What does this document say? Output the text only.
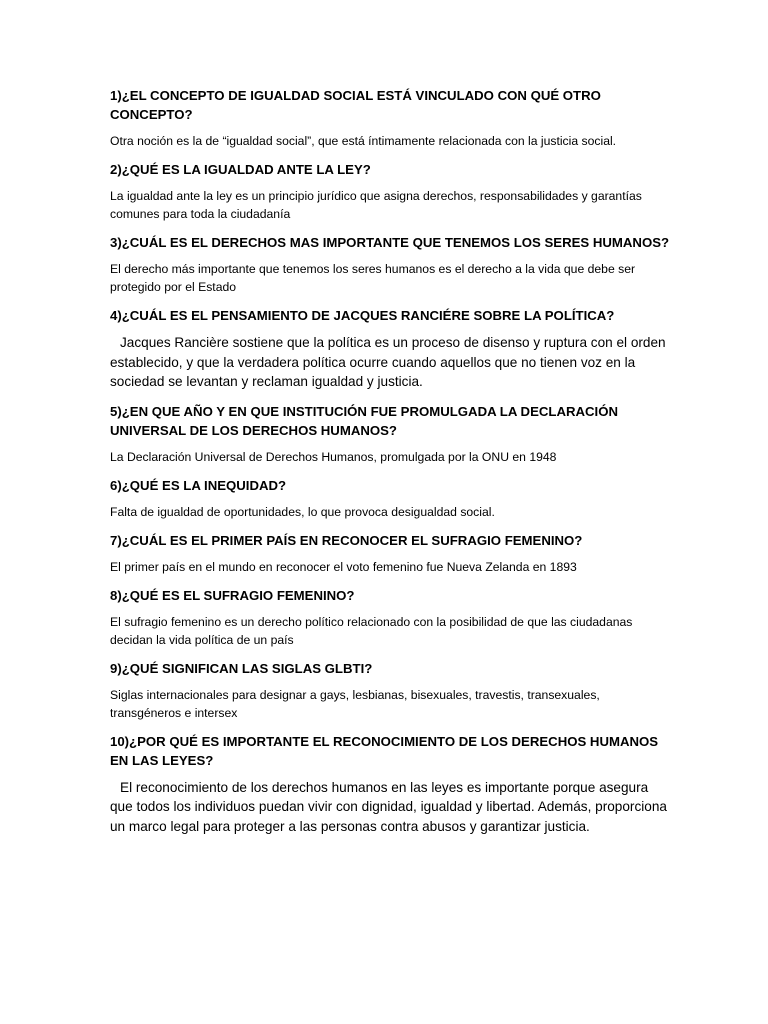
1)¿EL CONCEPTO DE IGUALDAD SOCIAL ESTÁ VINCULADO CON QUÉ OTRO CONCEPTO?

Otra noción es la de “igualdad social”, que está íntimamente relacionada con la justicia social.

2)¿QUÉ ES LA IGUALDAD ANTE LA LEY?

La igualdad ante la ley es un principio jurídico que asigna derechos, responsabilidades y garantías comunes para toda la ciudadanía

3)¿CUÁL ES EL DERECHOS MAS IMPORTANTE QUE TENEMOS LOS SERES HUMANOS?

El derecho más importante que tenemos los seres humanos es el derecho a la vida que debe ser protegido por el Estado

4)¿CUÁL ES EL PENSAMIENTO DE JACQUES RANCIÉRE SOBRE LA POLÍTICA?

Jacques Rancière sostiene que la política es un proceso de disenso y ruptura con el orden establecido, y que la verdadera política ocurre cuando aquellos que no tienen voz en la sociedad se levantan y reclaman igualdad y justicia.

5)¿EN QUE AÑO Y EN QUE INSTITUCIÓN FUE PROMULGADA LA DECLARACIÓN UNIVERSAL DE LOS DERECHOS HUMANOS?

La Declaración Universal de Derechos Humanos, promulgada por la ONU en 1948

6)¿QUÉ ES LA INEQUIDAD?

Falta de igualdad de oportunidades, lo que provoca desigualdad social.

7)¿CUÁL ES EL PRIMER PAÍS EN RECONOCER EL SUFRAGIO FEMENINO?

El primer país en el mundo en reconocer el voto femenino fue Nueva Zelanda en 1893

8)¿QUÉ ES EL SUFRAGIO FEMENINO?

El sufragio femenino es un derecho político relacionado con la posibilidad de que las ciudadanas decidan la vida política de un país

9)¿QUÉ SIGNIFICAN LAS SIGLAS GLBTI?

Siglas internacionales para designar a gays, lesbianas, bisexuales, travestis, transexuales, transgéneros e intersex

10)¿POR QUÉ ES IMPORTANTE EL RECONOCIMIENTO DE LOS DERECHOS HUMANOS EN LAS LEYES?

El reconocimiento de los derechos humanos en las leyes es importante porque asegura que todos los individuos puedan vivir con dignidad, igualdad y libertad. Además, proporciona un marco legal para proteger a las personas contra abusos y garantizar justicia.
